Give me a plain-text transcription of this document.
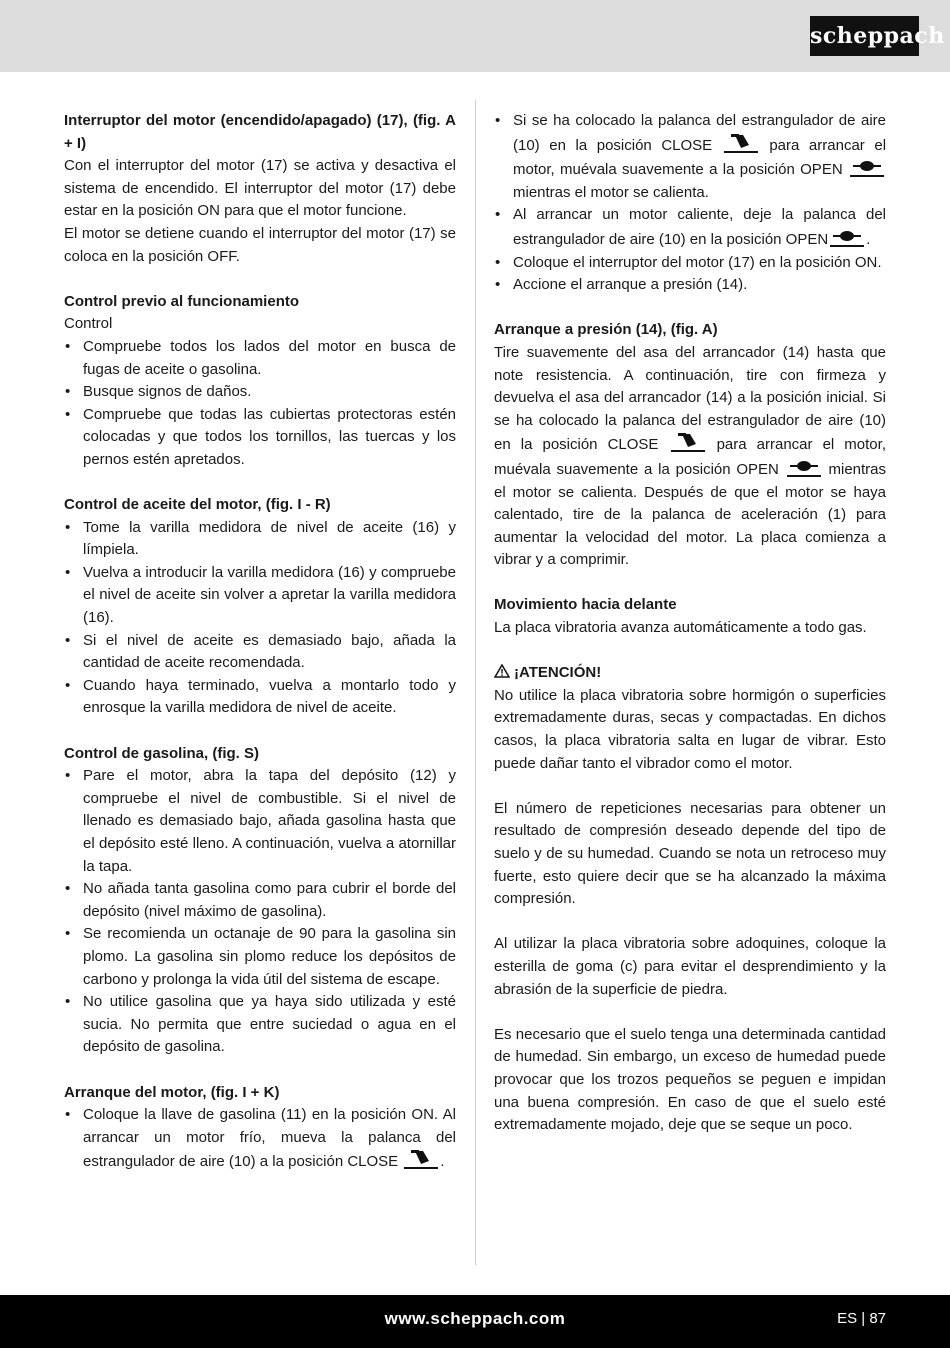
scheppach

Interruptor del motor (encendido/apagado) (17), (fig. A + I)

Con el interruptor del motor (17) se activa y desactiva el sistema de encendido. El interruptor del motor (17) debe estar en la posición ON para que el motor funcione.

El motor se detiene cuando el interruptor del motor (17) se coloca en la posición OFF.

Control previo al funcionamiento

Control

• Compruebe todos los lados del motor en busca de fugas de aceite o gasolina.
• Busque signos de daños.
• Compruebe que todas las cubiertas protectoras estén colocadas y que todos los tornillos, las tuercas y los pernos estén apretados.

Control de aceite del motor, (fig. I - R)

• Tome la varilla medidora de nivel de aceite (16) y límpiela.
• Vuelva a introducir la varilla medidora (16) y compruebe el nivel de aceite sin volver a apretar la varilla medidora (16).
• Si el nivel de aceite es demasiado bajo, añada la cantidad de aceite recomendada.
• Cuando haya terminado, vuelva a montarlo todo y enrosque la varilla medidora de nivel de aceite.

Control de gasolina, (fig. S)

• Pare el motor, abra la tapa del depósito (12) y compruebe el nivel de combustible. Si el nivel de llenado es demasiado bajo, añada gasolina hasta que el depósito esté lleno. A continuación, vuelva a atornillar la tapa.
• No añada tanta gasolina como para cubrir el borde del depósito (nivel máximo de gasolina).
• Se recomienda un octanaje de 90 para la gasolina sin plomo. La gasolina sin plomo reduce los depósitos de carbono y prolonga la vida útil del sistema de escape.
• No utilice gasolina que ya haya sido utilizada y esté sucia. No permita que entre suciedad o agua en el depósito de gasolina.

Arranque del motor, (fig. I + K)

• Coloque la llave de gasolina (11) en la posición ON. Al arrancar un motor frío, mueva la palanca del estrangulador de aire (10) a la posición CLOSE	.
• Si se ha colocado la palanca del estrangulador de aire (10) en la posición CLOSE	para arrancar el motor, muévala suavemente a la posición OPEN
mientras el motor se calienta.
• Al arrancar un motor caliente, deje la palanca del estrangulador de aire (10) en la posición OPEN	.
• Coloque el interruptor del motor (17) en la posición ON.
• Accione el arranque a presión (14).

Arranque a presión (14), (fig. A)

Tire suavemente del asa del arrancador (14) hasta que note resistencia. A continuación, tire con firmeza y devuelva el asa del arrancador (14) a la posición inicial. Si se ha colocado la palanca del estrangulador de aire (10) en la posición CLOSE	para arrancar el motor, muévala suavemente a la posición OPEN	mientras el motor se calienta. Después de que el motor se haya calentado, tire de la palanca de aceleración (1) para aumentar la velocidad del motor. La placa comienza a vibrar y a comprimir.

Movimiento hacia delante

La placa vibratoria avanza automáticamente a todo gas.

¡ATENCIÓN!

No utilice la placa vibratoria sobre hormigón o superficies extremadamente duras, secas y compactadas. En dichos casos, la placa vibratoria salta en lugar de vibrar. Esto puede dañar tanto el vibrador como el motor.

El número de repeticiones necesarias para obtener un resultado de compresión deseado depende del tipo de suelo y de su humedad. Cuando se nota un retroceso muy fuerte, esto quiere decir que se ha alcanzado la máxima compresión.

Al utilizar la placa vibratoria sobre adoquines, coloque la esterilla de goma (c) para evitar el desprendimiento y la abrasión de la superficie de piedra.

Es necesario que el suelo tenga una determinada cantidad de humedad. Sin embargo, un exceso de humedad puede provocar que los trozos pequeños se peguen e impidan una buena compresión. En caso de que el suelo esté extremadamente mojado, deje que se seque un poco.

www.scheppach.com	ES | 87
